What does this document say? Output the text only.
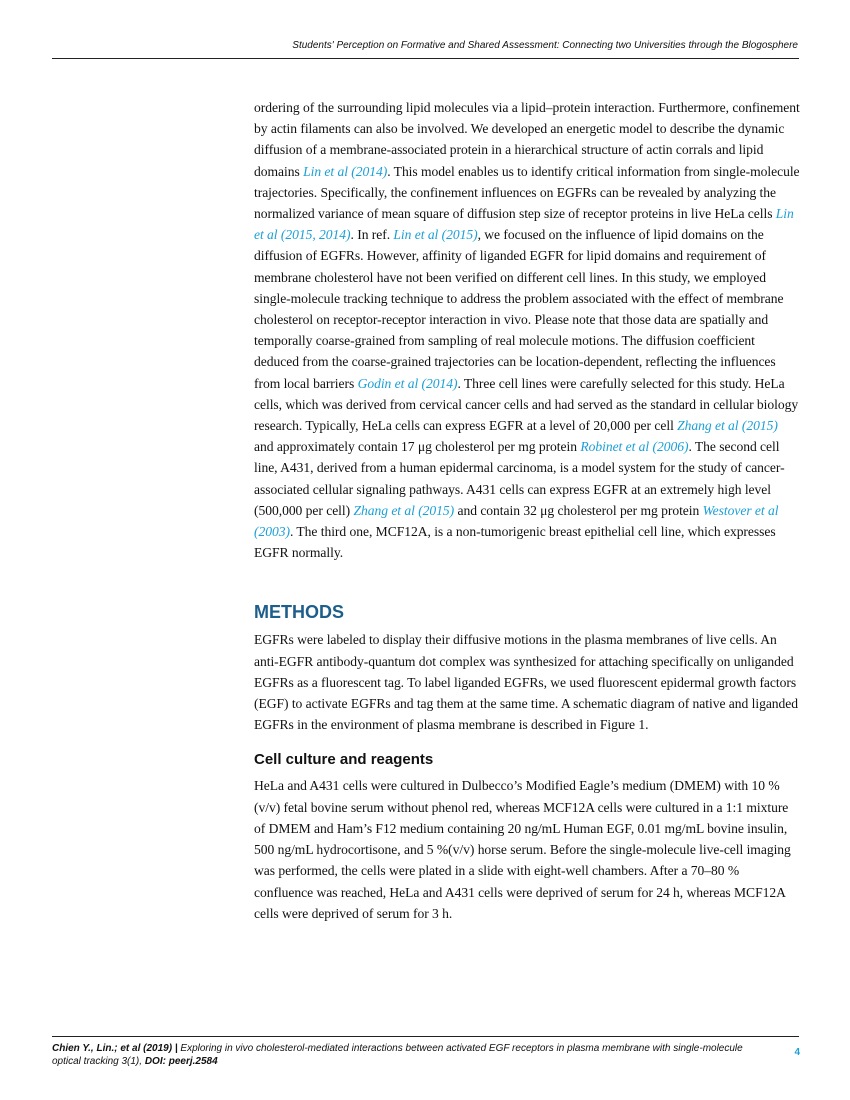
Students' Perception on Formative and Shared Assessment: Connecting two Universities through the Blogosphere

ordering of the surrounding lipid molecules via a lipid–protein interaction. Furthermore, confinement by actin filaments can also be involved. We developed an energetic model to describe the dynamic diffusion of a membrane-associated protein in a hierarchical structure of actin corrals and lipid domains Lin et al (2014). This model enables us to identify critical information from single-molecule trajectories. Specifically, the confinement influences on EGFRs can be revealed by analyzing the normalized variance of mean square of diffusion step size of receptor proteins in live HeLa cells Lin et al (2015, 2014). In ref. Lin et al (2015), we focused on the influence of lipid domains on the diffusion of EGFRs. However, affinity of liganded EGFR for lipid domains and requirement of membrane cholesterol have not been verified on different cell lines. In this study, we employed single-molecule tracking technique to address the problem associated with the effect of membrane cholesterol on receptor-receptor interaction in vivo. Please note that those data are spatially and temporally coarse-grained from sampling of real molecule motions. The diffusion coefficient deduced from the coarse-grained trajectories can be location-dependent, reflecting the influences from local barriers Godin et al (2014). Three cell lines were carefully selected for this study. HeLa cells, which was derived from cervical cancer cells and had served as the standard in cellular biology research. Typically, HeLa cells can express EGFR at a level of 20,000 per cell Zhang et al (2015) and approximately contain 17 μg cholesterol per mg protein Robinet et al (2006). The second cell line, A431, derived from a human epidermal carcinoma, is a model system for the study of cancer-associated cellular signaling pathways. A431 cells can express EGFR at an extremely high level (500,000 per cell) Zhang et al (2015) and contain 32 μg cholesterol per mg protein Westover et al (2003). The third one, MCF12A, is a non-tumorigenic breast epithelial cell line, which expresses EGFR normally.

METHODS

EGFRs were labeled to display their diffusive motions in the plasma membranes of live cells. An anti-EGFR antibody-quantum dot complex was synthesized for attaching specifically on unliganded EGFRs as a fluorescent tag. To label liganded EGFRs, we used fluorescent epidermal growth factors (EGF) to activate EGFRs and tag them at the same time. A schematic diagram of native and liganded EGFRs in the environment of plasma membrane is described in Figure 1.

Cell culture and reagents

HeLa and A431 cells were cultured in Dulbecco’s Modified Eagle’s medium (DMEM) with 10 % (v/v) fetal bovine serum without phenol red, whereas MCF12A cells were cultured in a 1:1 mixture of DMEM and Ham’s F12 medium containing 20 ng/mL Human EGF, 0.01 mg/mL bovine insulin, 500 ng/mL hydrocortisone, and 5 %(v/v) horse serum. Before the single-molecule live-cell imaging was performed, the cells were plated in a slide with eight-well chambers. After a 70–80 % confluence was reached, HeLa and A431 cells were deprived of serum for 24 h, whereas MCF12A cells were deprived of serum for 3 h.

Chien Y., Lin.; et al (2019) | Exploring in vivo cholesterol-mediated interactions between activated EGF receptors in plasma membrane with single-molecule optical tracking 3(1), DOI: peerj.2584
4
